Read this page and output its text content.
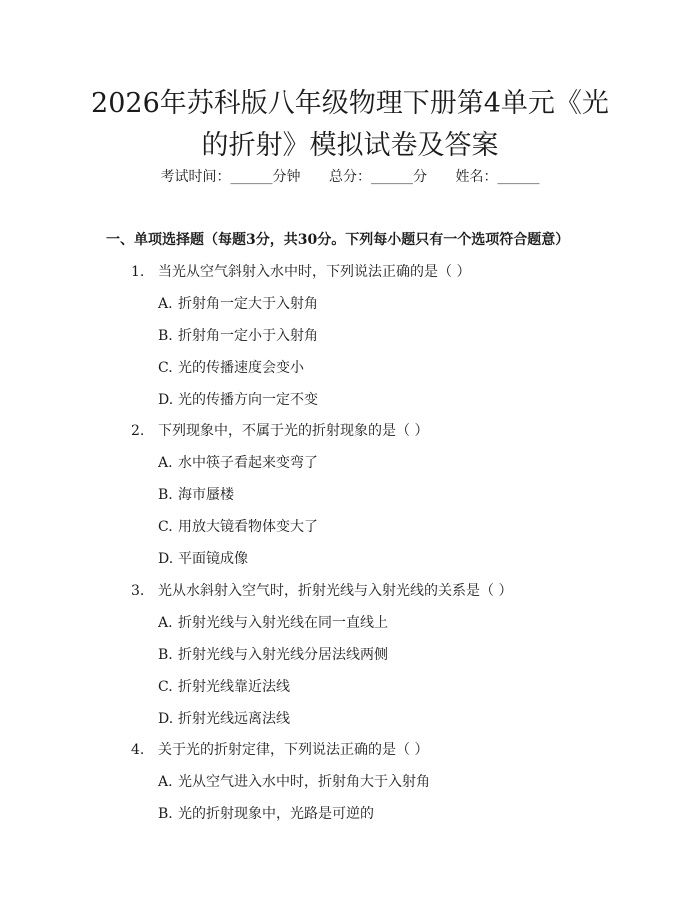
2026年苏科版八年级物理下册第4单元《光
的折射》模拟试卷及答案
考试时间：______分钟 总分：______分 姓名：______
一、单项选择题（每题3分，共30分。下列每小题只有一个选项符合题意）
1. 当光从空气斜射入水中时，下列说法正确的是（ ）
A. 折射角一定大于入射角
B. 折射角一定小于入射角
C. 光的传播速度会变小
D. 光的传播方向一定不变
2. 下列现象中，不属于光的折射现象的是（ ）
A. 水中筷子看起来变弯了
B. 海市蜃楼
C. 用放大镜看物体变大了
D. 平面镜成像
3. 光从水斜射入空气时，折射光线与入射光线的关系是（ ）
A. 折射光线与入射光线在同一直线上
B. 折射光线与入射光线分居法线两侧
C. 折射光线靠近法线
D. 折射光线远离法线
4. 关于光的折射定律，下列说法正确的是（ ）
A. 光从空气进入水中时，折射角大于入射角
B. 光的折射现象中，光路是可逆的
